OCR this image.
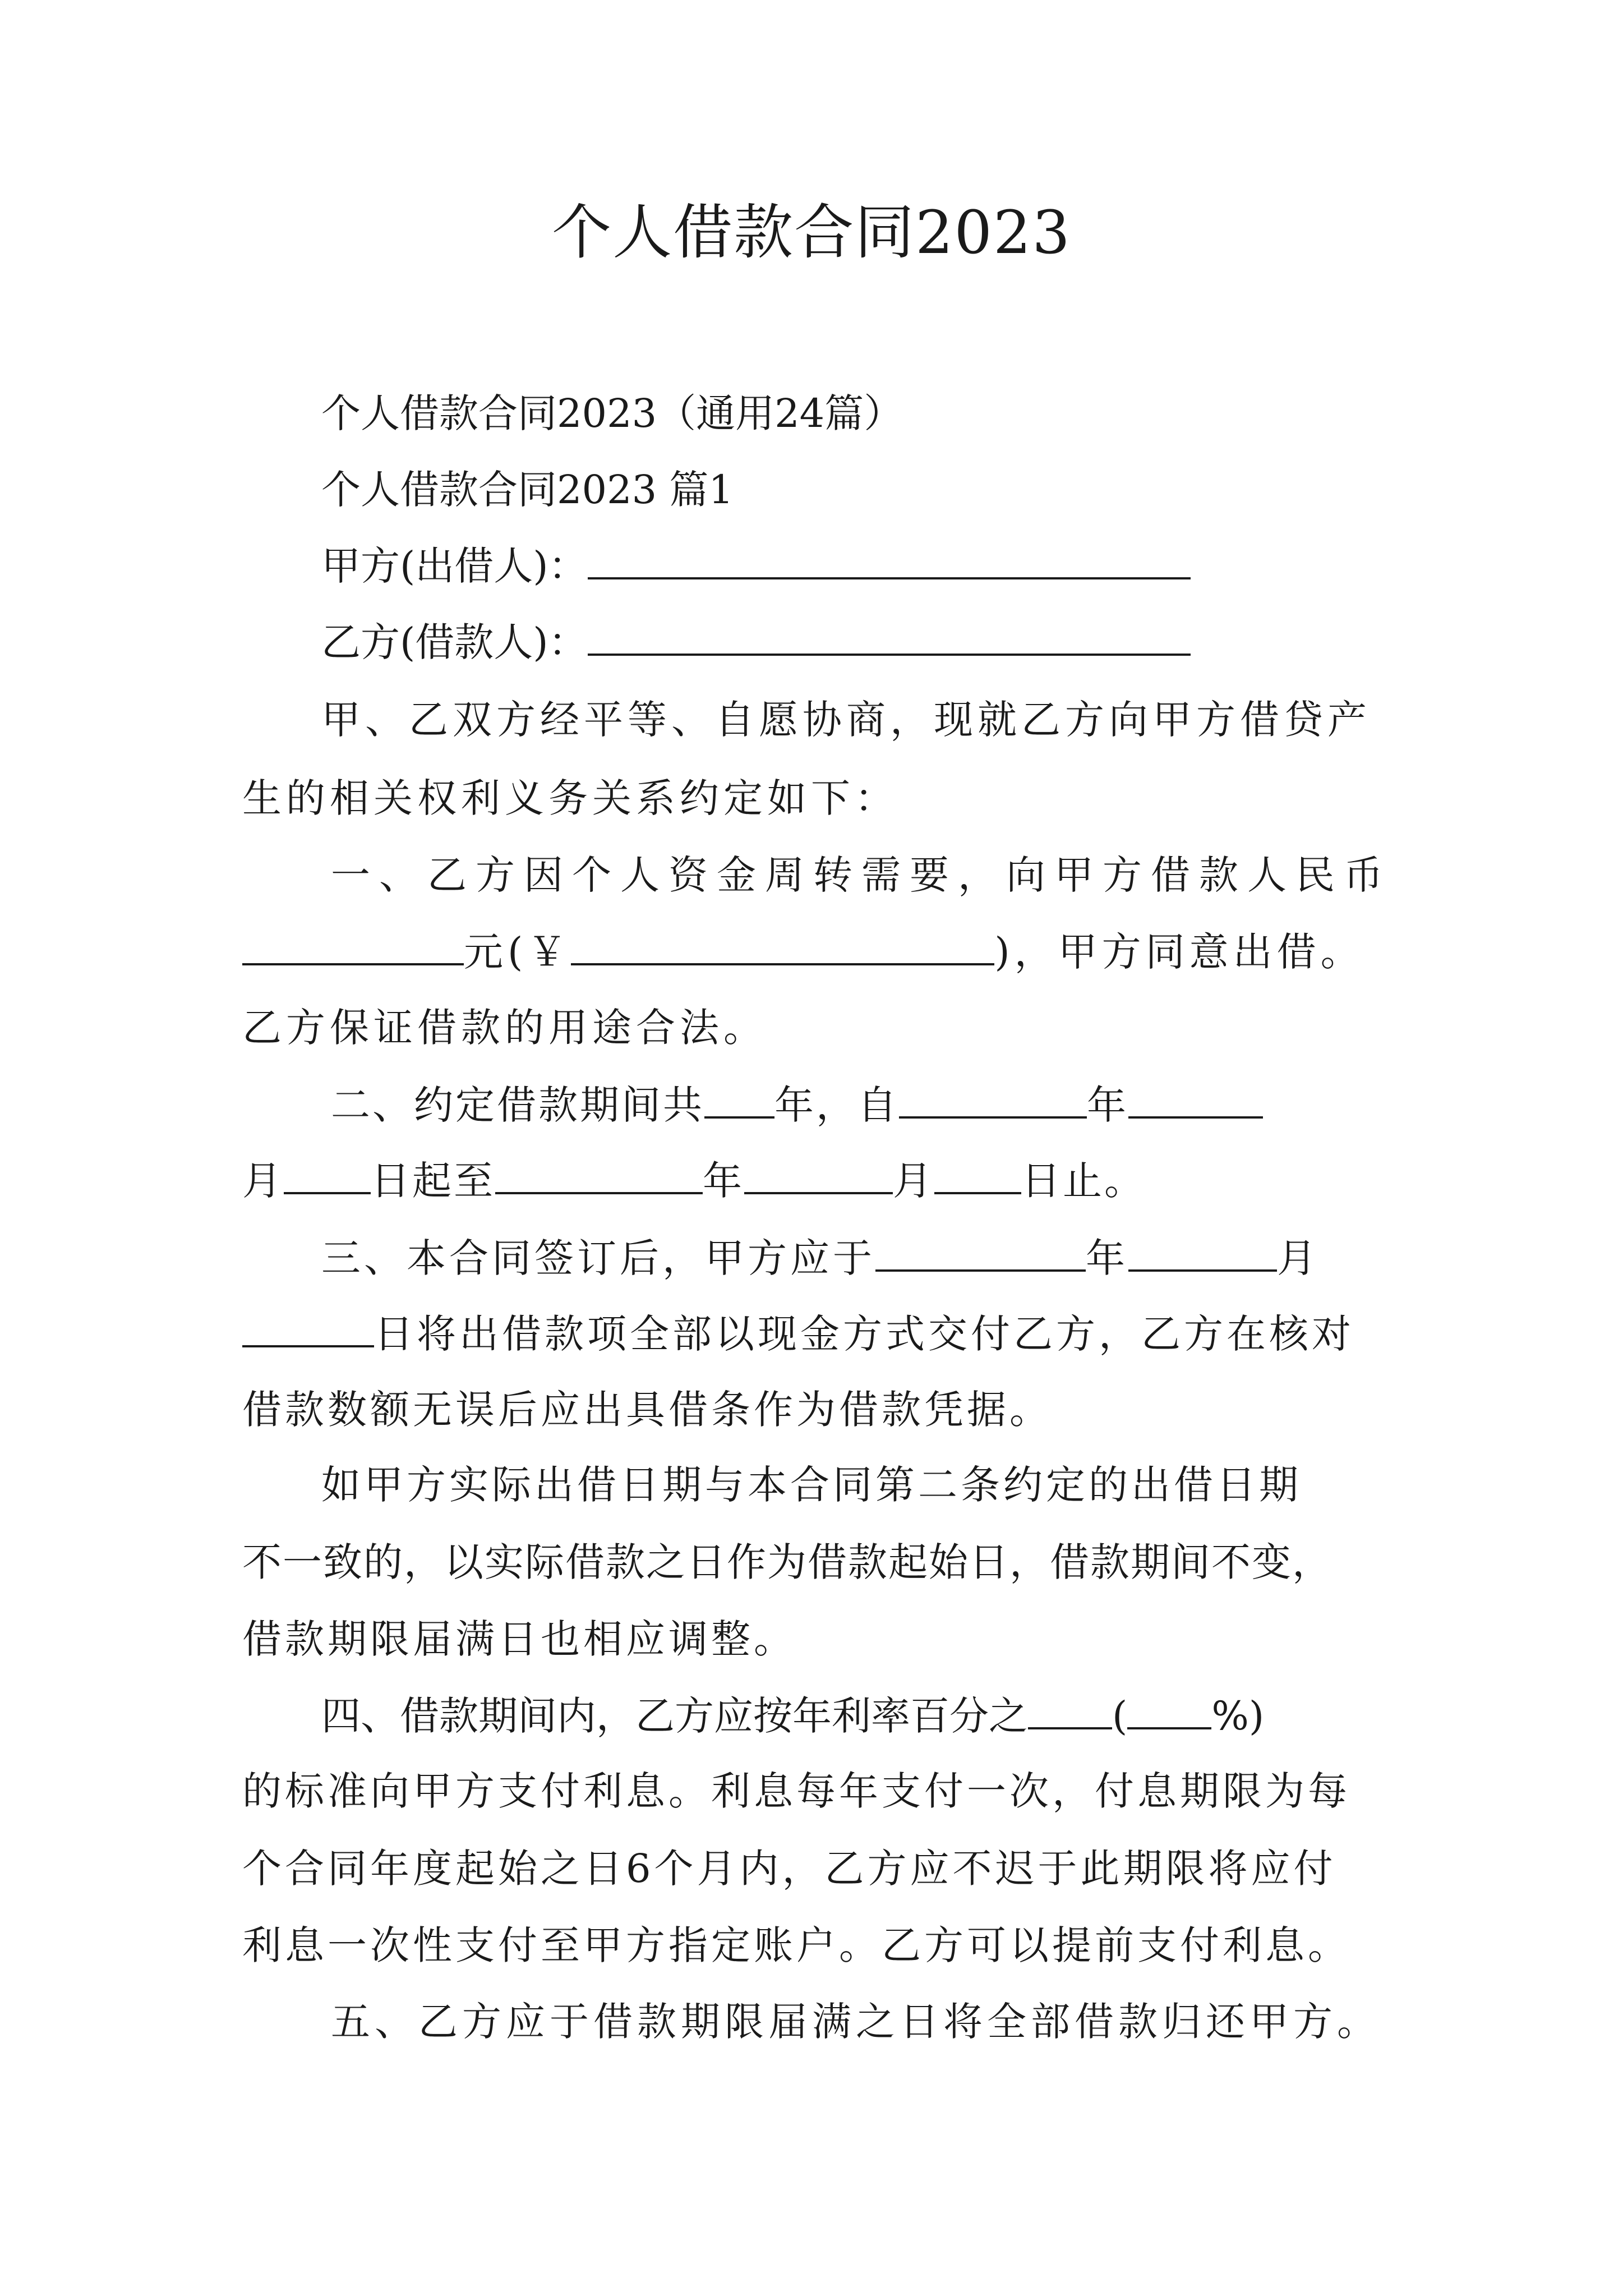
个人借款合同2023
个人借款合同2023（通用24篇）
个人借款合同2023 篇1
甲方(出借人)：
乙方(借款人)：
甲、乙双方经平等、自愿协商，现就乙方向甲方借贷产
生的相关权利义务关系约定如下：
一、乙方因个人资金周转需要，向甲方借款人民币
元(￥	)，甲方同意出借。
乙方保证借款的用途合法。
二、约定借款期间共 年，自	年
月 日起至	年	月 日止。
三、本合同签订后，甲方应于	年	月
日将出借款项全部以现金方式交付乙方，乙方在核对
借款数额无误后应出具借条作为借款凭据。
如甲方实际出借日期与本合同第二条约定的出借日期
不一致的，以实际借款之日作为借款起始日，借款期间不变，
借款期限届满日也相应调整。
四、借款期间内，乙方应按年利率百分之 ( %)
的标准向甲方支付利息。利息每年支付一次，付息期限为每
个合同年度起始之日6个月内，乙方应不迟于此期限将应付
利息一次性支付至甲方指定账户。乙方可以提前支付利息。
五、乙方应于借款期限届满之日将全部借款归还甲方。
